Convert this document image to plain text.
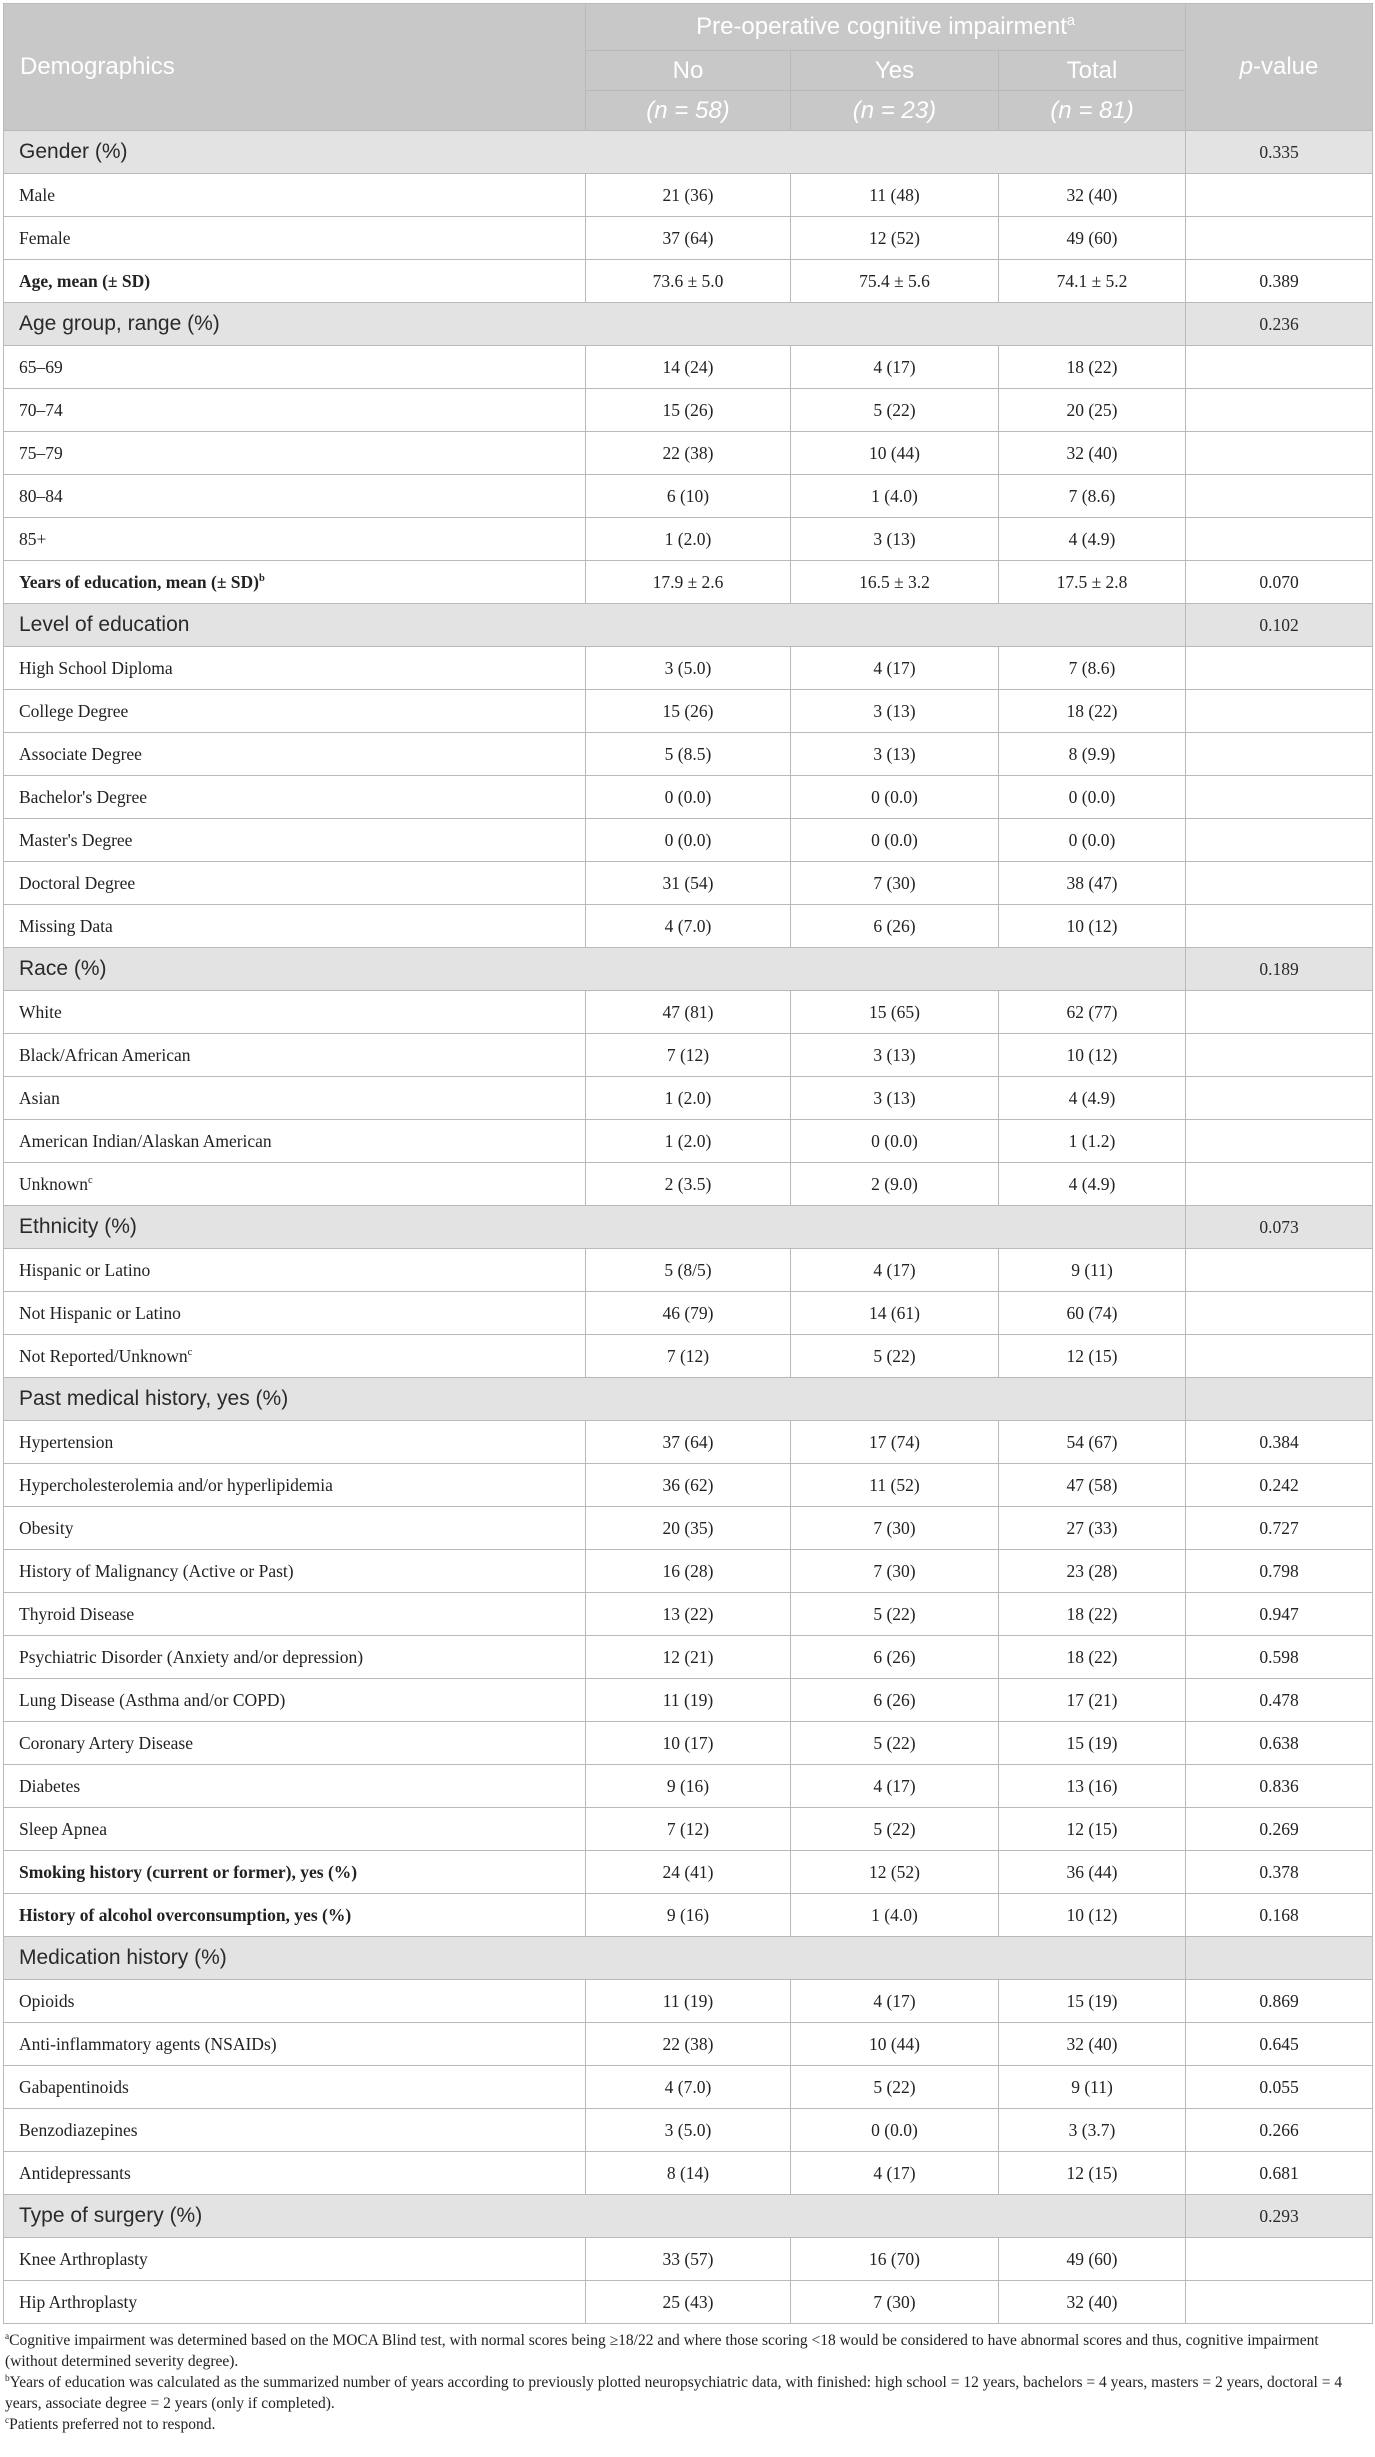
Demographics	Pre-operative cognitive impairment$^a$			p-value
	No	Yes	Total	
	(n = 58)	(n = 23)	(n = 81)	
Gender (%)				0.335
Male	21 (36)	11 (48)	32 (40)	
Female	37 (64)	12 (52)	49 (60)	
Age, mean (± SD)	73.6 ± 5.0	75.4 ± 5.6	74.1 ± 5.2	0.389
Age group, range (%)				0.236
65–69	14 (24)	4 (17)	18 (22)	
70–74	15 (26)	5 (22)	20 (25)	
75–79	22 (38)	10 (44)	32 (40)	
80–84	6 (10)	1 (4.0)	7 (8.6)	
85+	1 (2.0)	3 (13)	4 (4.9)	
Years of education, mean (± SD)$^b$	17.9 ± 2.6	16.5 ± 3.2	17.5 ± 2.8	0.070
Level of education				0.102
High School Diploma	3 (5.0)	4 (17)	7 (8.6)	
College Degree	15 (26)	3 (13)	18 (22)	
Associate Degree	5 (8.5)	3 (13)	8 (9.9)	
Bachelor's Degree	0 (0.0)	0 (0.0)	0 (0.0)	
Master's Degree	0 (0.0)	0 (0.0)	0 (0.0)	
Doctoral Degree	31 (54)	7 (30)	38 (47)	
Missing Data	4 (7.0)	6 (26)	10 (12)	
Race (%)				0.189
White	47 (81)	15 (65)	62 (77)	
Black/African American	7 (12)	3 (13)	10 (12)	
Asian	1 (2.0)	3 (13)	4 (4.9)	
American Indian/Alaskan American	1 (2.0)	0 (0.0)	1 (1.2)	
Unknown$^c$	2 (3.5)	2 (9.0)	4 (4.9)	
Ethnicity (%)				0.073
Hispanic or Latino	5 (8/5)	4 (17)	9 (11)	
Not Hispanic or Latino	46 (79)	14 (61)	60 (74)	
Not Reported/Unknown$^c$	7 (12)	5 (22)	12 (15)	
Past medical history, yes (%)				
Hypertension	37 (64)	17 (74)	54 (67)	0.384
Hypercholesterolemia and/or hyperlipidemia	36 (62)	11 (52)	47 (58)	0.242
Obesity	20 (35)	7 (30)	27 (33)	0.727
History of Malignancy (Active or Past)	16 (28)	7 (30)	23 (28)	0.798
Thyroid Disease	13 (22)	5 (22)	18 (22)	0.947
Psychiatric Disorder (Anxiety and/or depression)	12 (21)	6 (26)	18 (22)	0.598
Lung Disease (Asthma and/or COPD)	11 (19)	6 (26)	17 (21)	0.478
Coronary Artery Disease	10 (17)	5 (22)	15 (19)	0.638
Diabetes	9 (16)	4 (17)	13 (16)	0.836
Sleep Apnea	7 (12)	5 (22)	12 (15)	0.269
Smoking history (current or former), yes (%)	24 (41)	12 (52)	36 (44)	0.378
History of alcohol overconsumption, yes (%)	9 (16)	1 (4.0)	10 (12)	0.168
Medication history (%)				
Opioids	11 (19)	4 (17)	15 (19)	0.869
Anti-inflammatory agents (NSAIDs)	22 (38)	10 (44)	32 (40)	0.645
Gabapentinoids	4 (7.0)	5 (22)	9 (11)	0.055
Benzodiazepines	3 (5.0)	0 (0.0)	3 (3.7)	0.266
Antidepressants	8 (14)	4 (17)	12 (15)	0.681
Type of surgery (%)				0.293
Knee Arthroplasty	33 (57)	16 (70)	49 (60)	
Hip Arthroplasty	25 (43)	7 (30)	32 (40)	

$^a$Cognitive impairment was determined based on the MOCA Blind test, with normal scores being ≥18/22 and where those scoring <18 would be considered to have abnormal scores and thus, cognitive impairment (without determined severity degree).

$^b$Years of education was calculated as the summarized number of years according to previously plotted neuropsychiatric data, with finished: high school = 12 years, bachelors = 4 years, masters = 2 years, doctoral = 4 years, associate degree = 2 years (only if completed).

$^c$Patients preferred not to respond.
